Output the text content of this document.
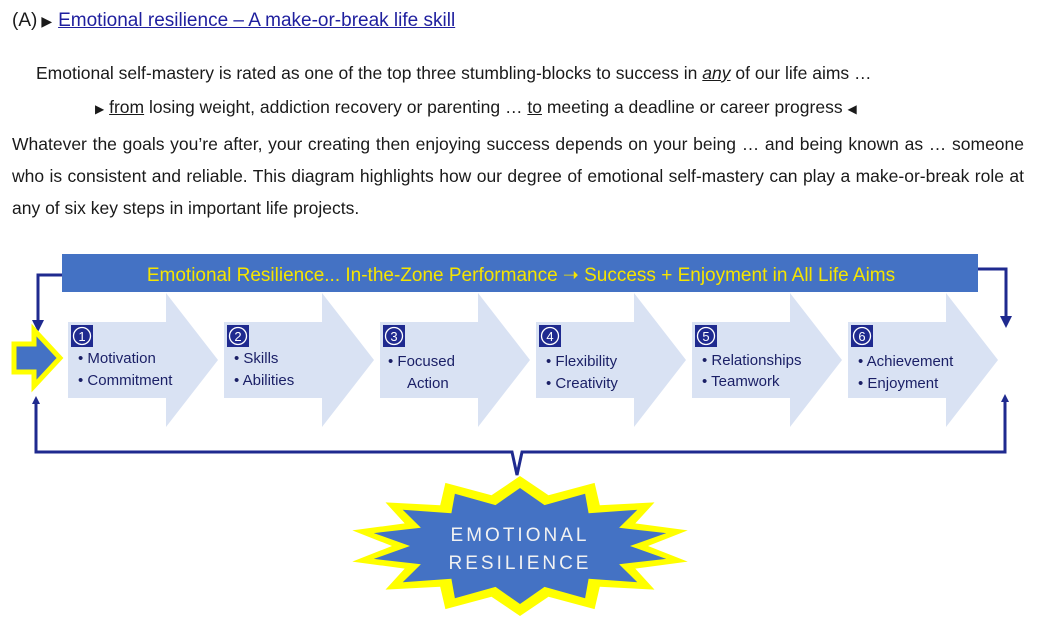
(A) ▶ Emotional resilience – A make-or-break life skill
Emotional self-mastery is rated as one of the top three stumbling-blocks to success in any of our life aims …
▶ from losing weight, addiction recovery or parenting … to meeting a deadline or career progress ◀
Whatever the goals you’re after, your creating then enjoying success depends on your being … and being known as … someone who is consistent and reliable. This diagram highlights how our degree of emotional self-mastery can play a make-or-break role at any of six key steps in important life projects.
Emotional Resilience... In-the-Zone Performance ➝ Success + Enjoyment in All Life Aims
1
• Motivation
• Commitment
2
• Skills
• Abilities
3
• Focused
Action
4
• Flexibility
• Creativity
5
• Relationships
• Teamwork
6
• Achievement
• Enjoyment
EMOTIONAL
RESILIENCE
